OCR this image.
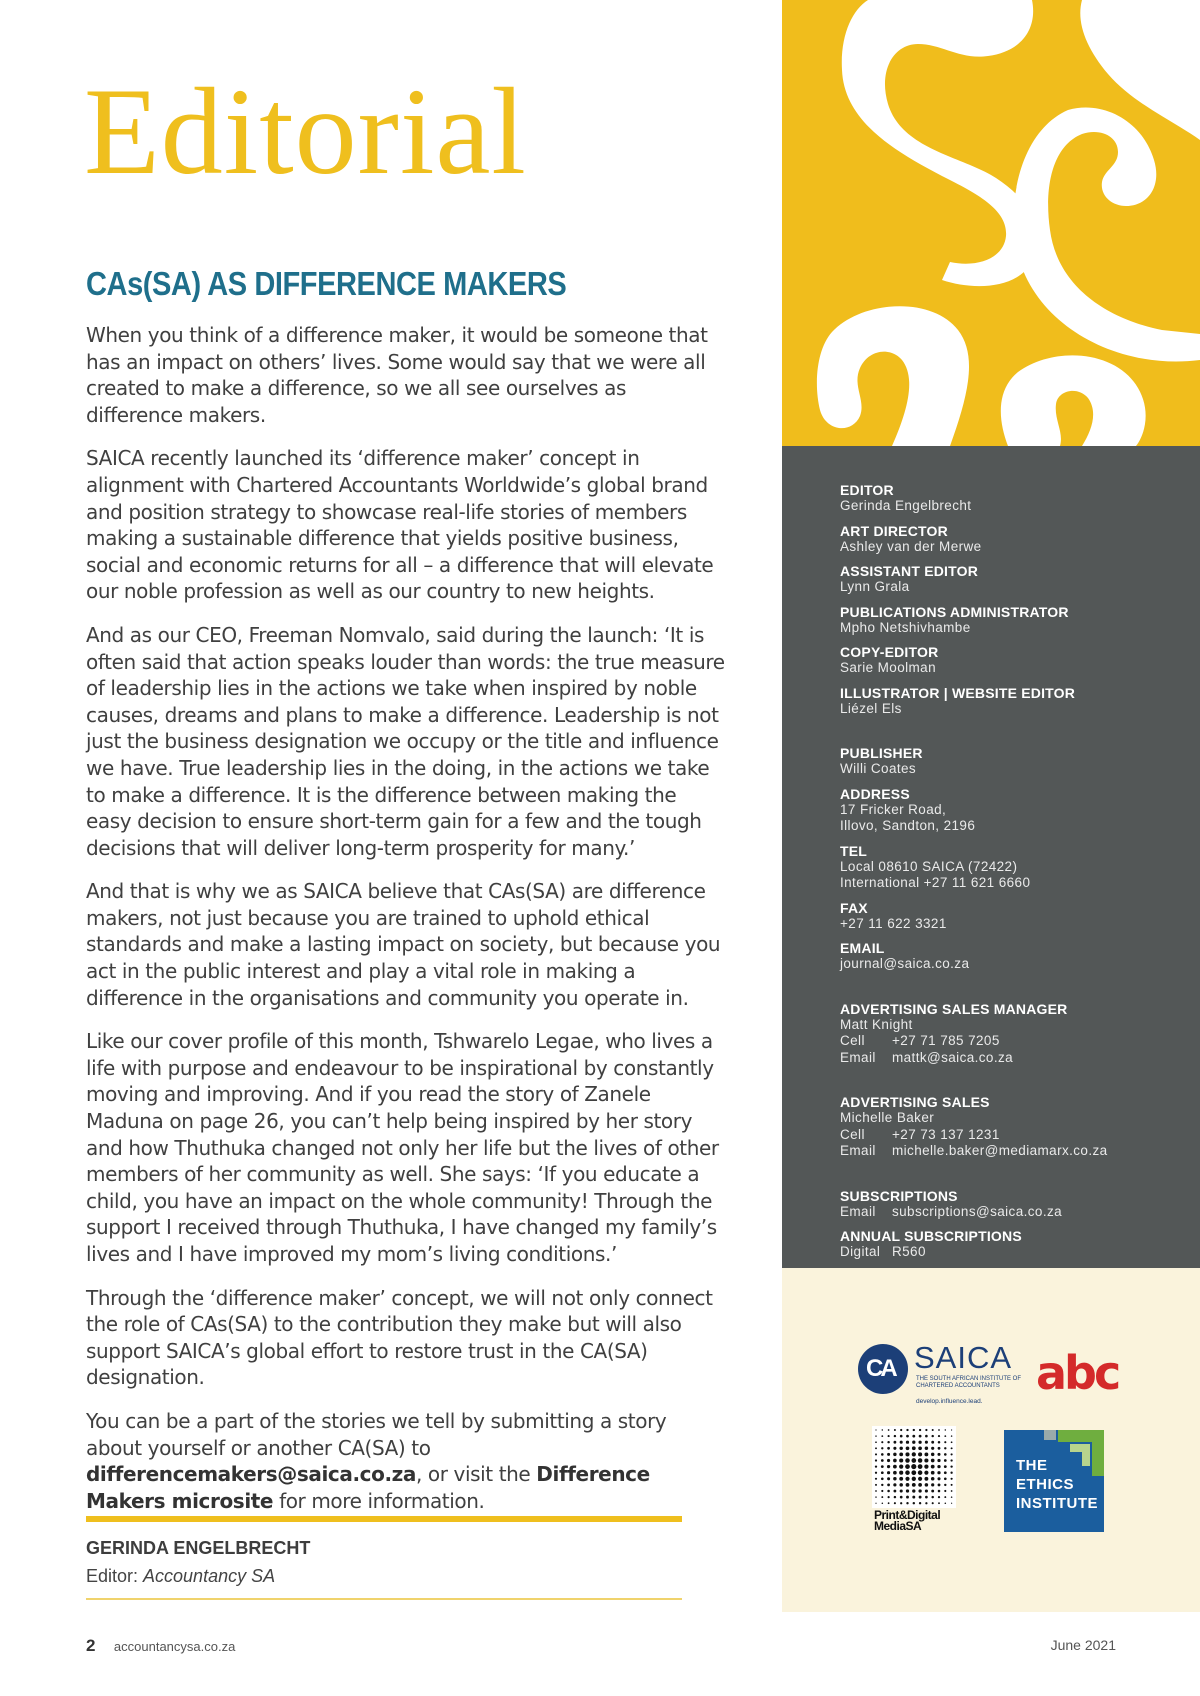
Editorial
CAs(SA) AS DIFFERENCE MAKERS

When you think of a difference maker, it would be someone that has an impact on others’ lives. Some would say that we were all created to make a difference, so we all see ourselves as difference makers.

SAICA recently launched its ‘difference maker’ concept in alignment with Chartered Accountants Worldwide’s global brand and position strategy to showcase real-life stories of members making a sustainable difference that yields positive business, social and economic returns for all – a difference that will elevate our noble profession as well as our country to new heights.

And as our CEO, Freeman Nomvalo, said during the launch: ‘It is often said that action speaks louder than words: the true measure of leadership lies in the actions we take when inspired by noble causes, dreams and plans to make a difference. Leadership is not just the business designation we occupy or the title and influence we have. True leadership lies in the doing, in the actions we take to make a difference. It is the difference between making the easy decision to ensure short-term gain for a few and the tough decisions that will deliver long-term prosperity for many.’

And that is why we as SAICA believe that CAs(SA) are difference makers, not just because you are trained to uphold ethical standards and make a lasting impact on society, but because you act in the public interest and play a vital role in making a difference in the organisations and community you operate in.

Like our cover profile of this month, Tshwarelo Legae, who lives a life with purpose and endeavour to be inspirational by constantly moving and improving. And if you read the story of Zanele Maduna on page 26, you can’t help being inspired by her story and how Thuthuka changed not only her life but the lives of other members of her community as well. She says: ‘If you educate a child, you have an impact on the whole community! Through the support I received through Thuthuka, I have changed my family’s lives and I have improved my mom’s living conditions.’

Through the ‘difference maker’ concept, we will not only connect the role of CAs(SA) to the contribution they make but will also support SAICA’s global effort to restore trust in the CA(SA) designation.

You can be a part of the stories we tell by submitting a story about yourself or another CA(SA) to differencemakers@saica.co.za, or visit the Difference Makers microsite for more information.

GERINDA ENGELBRECHT
Editor: Accountancy SA
2 accountancysa.co.za	June 2021
EDITOR
Gerinda Engelbrecht
ART DIRECTOR
Ashley van der Merwe
ASSISTANT EDITOR
Lynn Grala
PUBLICATIONS ADMINISTRATOR
Mpho Netshivhambe
COPY-EDITOR
Sarie Moolman
ILLUSTRATOR | WEBSITE EDITOR
Liézel Els
PUBLISHER
Willi Coates
ADDRESS
17 Fricker Road,
Illovo, Sandton, 2196
TEL
Local 08610 SAICA (72422)
International +27 11 621 6660
FAX
+27 11 622 3321
EMAIL
journal@saica.co.za
ADVERTISING SALES MANAGER
Matt Knight
Cell +27 71 785 7205
Email mattk@saica.co.za
ADVERTISING SALES
Michelle Baker
Cell +27 73 137 1231
Email michelle.baker@mediamarx.co.za
SUBSCRIPTIONS
Email subscriptions@saica.co.za
ANNUAL SUBSCRIPTIONS
Digital R560
CA SAICA
THE SOUTH AFRICAN INSTITUTE OF CHARTERED ACCOUNTANTS
develop.influence.lead.
abc
Print&Digital
MediaSA
THE
ETHICS
INSTITUTE
